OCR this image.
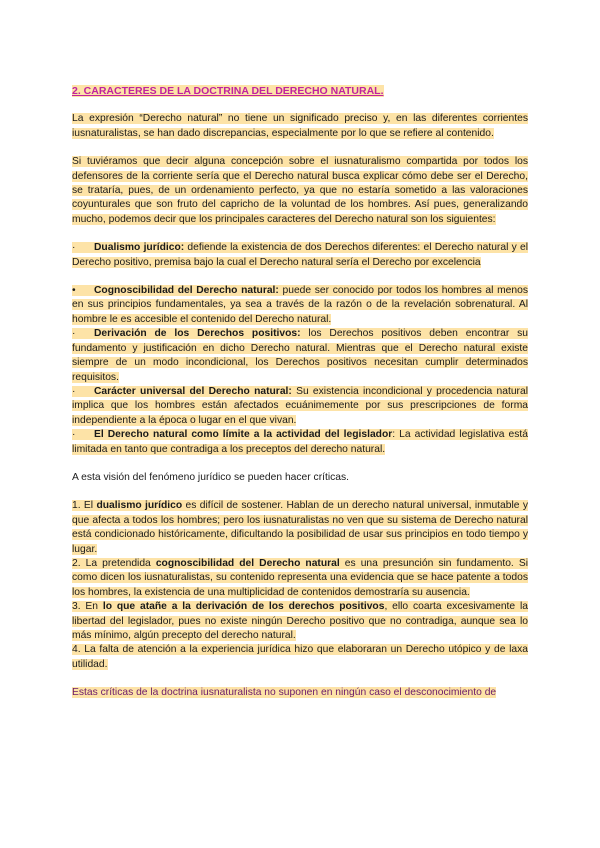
2. CARACTERES DE LA DOCTRINA DEL DERECHO NATURAL.

La expresión “Derecho natural” no tiene un significado preciso y, en las diferentes corrientes iusnaturalistas, se han dado discrepancias, especialmente por lo que se refiere al contenido.

Si tuviéramos que decir alguna concepción sobre el iusnaturalismo compartida por todos los defensores de la corriente sería que el Derecho natural busca explicar cómo debe ser el Derecho, se trataría, pues, de un ordenamiento perfecto, ya que no estaría sometido a las valoraciones coyunturales que son fruto del capricho de la voluntad de los hombres. Así pues, generalizando mucho, podemos decir que los principales caracteres del Derecho natural son los siguientes:

· Dualismo jurídico: defiende la existencia de dos Derechos diferentes: el Derecho natural y el Derecho positivo, premisa bajo la cual el Derecho natural sería el Derecho por excelencia

• Cognoscibilidad del Derecho natural: puede ser conocido por todos los hombres al menos en sus principios fundamentales, ya sea a través de la razón o de la revelación sobrenatural. Al hombre le es accesible el contenido del Derecho natural.

· Derivación de los Derechos positivos: los Derechos positivos deben encontrar su fundamento y justificación en dicho Derecho natural. Mientras que el Derecho natural existe siempre de un modo incondicional, los Derechos positivos necesitan cumplir determinados requisitos.

· Carácter universal del Derecho natural: Su existencia incondicional y procedencia natural implica que los hombres están afectados ecuánimemente por sus prescripciones de forma independiente a la época o lugar en el que vivan.

· El Derecho natural como límite a la actividad del legislador: La actividad legislativa está limitada en tanto que contradiga a los preceptos del derecho natural.

A esta visión del fenómeno jurídico se pueden hacer críticas.

1. El dualismo jurídico es difícil de sostener. Hablan de un derecho natural universal, inmutable y que afecta a todos los hombres; pero los iusnaturalistas no ven que su sistema de Derecho natural está condicionado históricamente, dificultando la posibilidad de usar sus principios en todo tiempo y lugar.

2. La pretendida cognoscibilidad del Derecho natural es una presunción sin fundamento. Si como dicen los iusnaturalistas, su contenido representa una evidencia que se hace patente a todos los hombres, la existencia de una multiplicidad de contenidos demostraría su ausencia.

3. En lo que atañe a la derivación de los derechos positivos, ello coarta excesivamente la libertad del legislador, pues no existe ningún Derecho positivo que no contradiga, aunque sea lo más mínimo, algún precepto del derecho natural.

4. La falta de atención a la experiencia jurídica hizo que elaboraran un Derecho utópico y de laxa utilidad.

Estas críticas de la doctrina iusnaturalista no suponen en ningún caso el desconocimiento de
